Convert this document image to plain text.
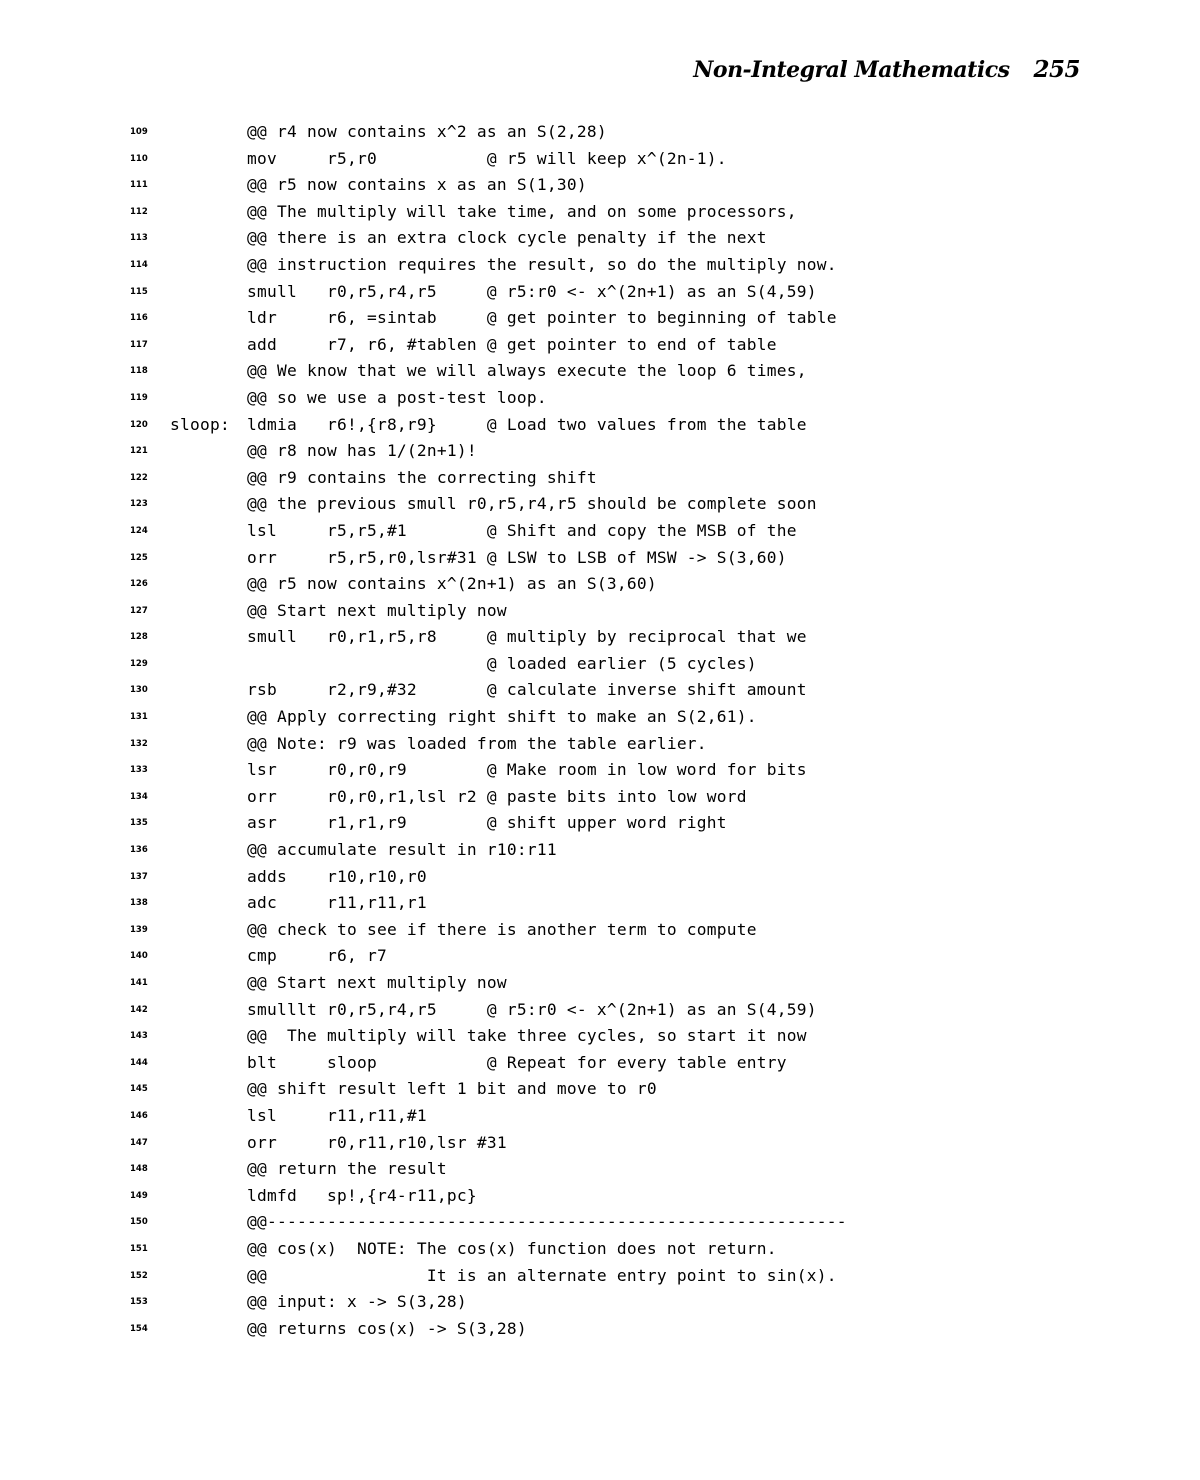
Non-Integral Mathematics 255
109	@@ r4 now contains x^2 as an S(2,28)
110	mov     r5,r0           @ r5 will keep x^(2n-1).
111	@@ r5 now contains x as an S(1,30)
112	@@ The multiply will take time, and on some processors,
113	@@ there is an extra clock cycle penalty if the next
114	@@ instruction requires the result, so do the multiply now.
115	smull   r0,r5,r4,r5     @ r5:r0 <- x^(2n+1) as an S(4,59)
116	ldr     r6, =sintab     @ get pointer to beginning of table
117	add     r7, r6, #tablen @ get pointer to end of table
118	@@ We know that we will always execute the loop 6 times,
119	@@ so we use a post-test loop.
120	sloop: ldmia   r6!,{r8,r9}     @ Load two values from the table
121	@@ r8 now has 1/(2n+1)!
122	@@ r9 contains the correcting shift
123	@@ the previous smull r0,r5,r4,r5 should be complete soon
124	lsl     r5,r5,#1        @ Shift and copy the MSB of the
125	orr     r5,r5,r0,lsr#31 @ LSW to LSB of MSW -> S(3,60)
126	@@ r5 now contains x^(2n+1) as an S(3,60)
127	@@ Start next multiply now
128	smull   r0,r1,r5,r8     @ multiply by reciprocal that we
129	@ loaded earlier (5 cycles)
130	rsb     r2,r9,#32       @ calculate inverse shift amount
131	@@ Apply correcting right shift to make an S(2,61).
132	@@ Note: r9 was loaded from the table earlier.
133	lsr     r0,r0,r9        @ Make room in low word for bits
134	orr     r0,r0,r1,lsl r2 @ paste bits into low word
135	asr     r1,r1,r9        @ shift upper word right
136	@@ accumulate result in r10:r11
137	adds    r10,r10,r0
138	adc     r11,r11,r1
139	@@ check to see if there is another term to compute
140	cmp     r6, r7
141	@@ Start next multiply now
142	smulllt r0,r5,r4,r5     @ r5:r0 <- x^(2n+1) as an S(4,59)
143	@@  The multiply will take three cycles, so start it now
144	blt     sloop           @ Repeat for every table entry
145	@@ shift result left 1 bit and move to r0
146	lsl     r11,r11,#1
147	orr     r0,r11,r10,lsr #31
148	@@ return the result
149	ldmfd   sp!,{r4-r11,pc}
150	@@----------------------------------------------------------
151	@@ cos(x)  NOTE: The cos(x) function does not return.
152	@@                It is an alternate entry point to sin(x).
153	@@ input: x -> S(3,28)
154	@@ returns cos(x) -> S(3,28)
